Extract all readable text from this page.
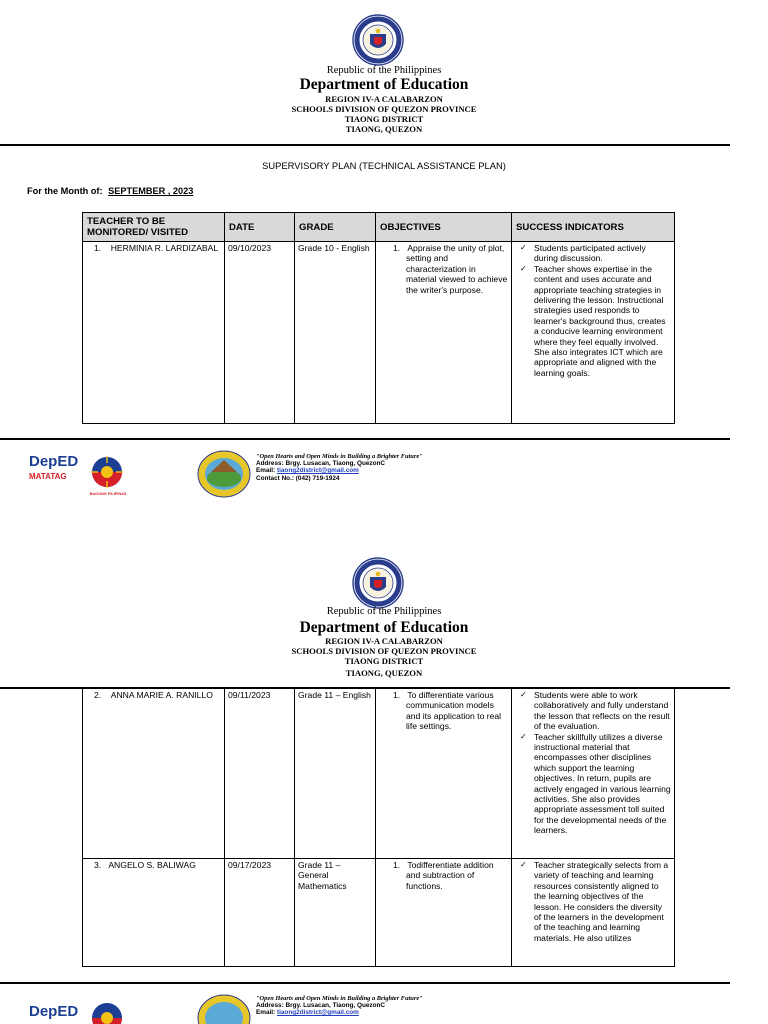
Republic of the Philippines
Department of Education
REGION IV-A CALABARZON
SCHOOLS DIVISION OF QUEZON PROVINCE
TIAONG DISTRICT
TIAONG, QUEZON
SUPERVISORY PLAN (TECHNICAL ASSISTANCE PLAN)
For the Month of: SEPTEMBER , 2023
TEACHER TO BE MONITORED/ VISITED	DATE	GRADE	OBJECTIVES	SUCCESS INDICATORS
1.    HERMINIA R. LARDIZABAL	09/10/2023	Grade 10 - English	1.   Appraise the unity of plot, setting and characterization in material viewed to achieve the writer's purpose.	✓ Students participated actively during discussion.
✓ Teacher shows expertise in the content and uses accurate and appropriate teaching strategies in delivering the lesson. Instructional strategies used responds to learner's background thus, creates a conducive learning environment where they feel equally involved. She also integrates ICT which are appropriate and aligned with the learning goals.
DepED
MATATAG
BAGONG PILIPINAS
"Open Hearts and Open Minds in Building a Brighter Future"
Address: Brgy. Lusacan, Tiaong, QuezonC
Email: tiaong2district@gmail.com
Contact No.: (042) 719-1924
Republic of the Philippines
Department of Education
REGION IV-A CALABARZON
SCHOOLS DIVISION OF QUEZON PROVINCE
TIAONG DISTRICT
TIAONG, QUEZON
2.    ANNA MARIE A. RANILLO	09/11/2023	Grade 11 – English	1.   To differentiate various communication models and its application to real life settings.	✓ Students were able to work collaboratively and fully understand the lesson that reflects on the result of the evaluation.
✓ Teacher skillfully utilizes a diverse instructional material that encompasses other disciplines which support the learning objectives. In return, pupils are actively engaged in various learning activities. She also provides appropriate assessment toll suited for the developmental needs of the learners.

3.   ANGELO S. BALIWAG	09/17/2023	Grade 11 – General Mathematics	1.   Todifferentiate addition and subtraction of functions.	✓ Teacher strategically selects from a variety of teaching and learning resources consistently aligned to the learning objectives of the lesson. He considers the diversity of the learners in the development of the teaching and learning materials. He also utilizes
DepED
"Open Hearts and Open Minds in Building a Brighter Future"
Address: Brgy. Lusacan, Tiaong, QuezonC
Email: tiaong2district@gmail.com
